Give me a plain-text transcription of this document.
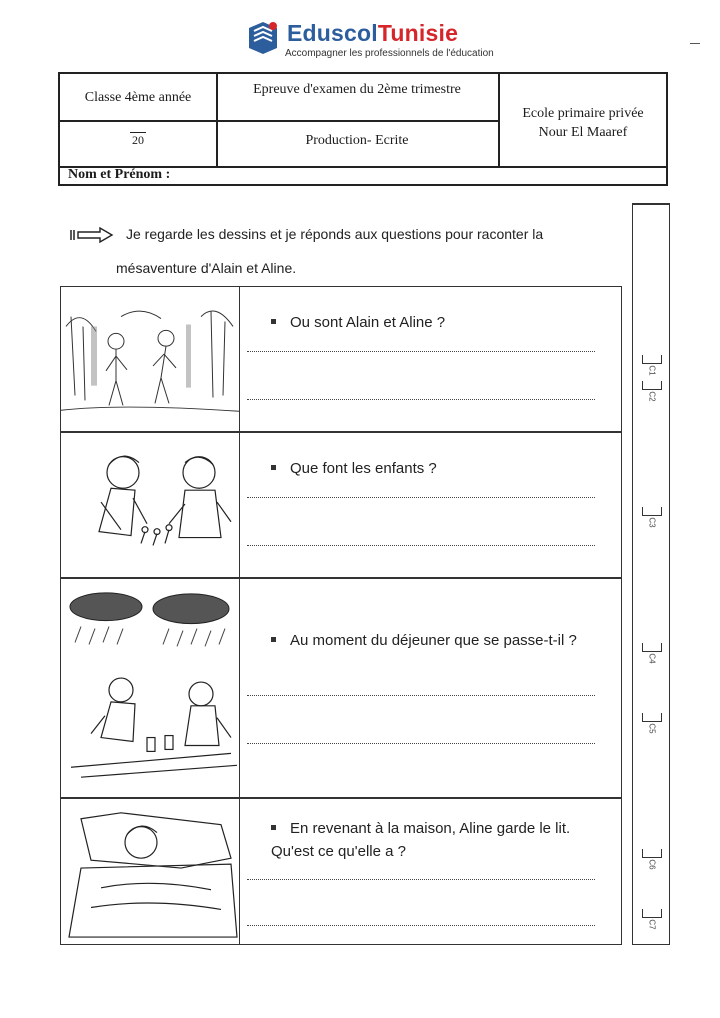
EduscolTunisie
Accompagner les professionnels de l'éducation
Classe 4ème année
Epreuve d'examen du 2ème trimestre
Ecole primaire privée
Nour El Maaref
20	Production- Ecrite
Nom et Prénom :
Je regarde les dessins et je réponds aux questions pour raconter la
mésaventure d'Alain et Aline.
C1
C2
C3
C4
C5
C6
C7
Ou sont Alain et Aline ?
Que font les enfants ?
Au moment du déjeuner que se passe-t-il ?
En revenant à la maison, Aline garde le lit. Qu'est ce qu'elle a ?
